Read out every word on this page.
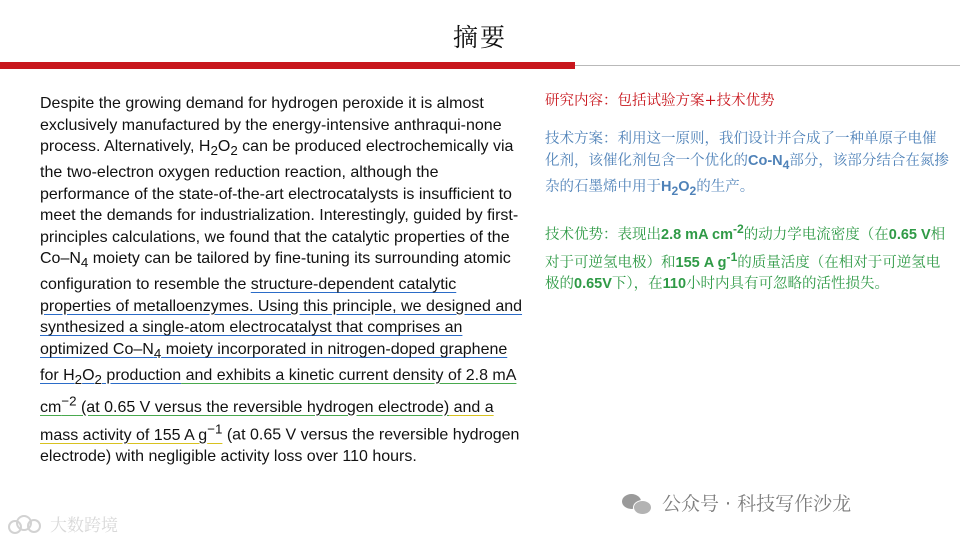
摘要
Despite the growing demand for hydrogen peroxide it is almost exclusively manufactured by the energy-intensive anthraqui-none process. Alternatively, $H_2O_2$ can be produced electrochemically via the two-electron oxygen reduction reaction, although the performance of the state-of-the-art electrocatalysts is insufficient to meet the demands for industrialization. Interestingly, guided by first-principles calculations, we found that the catalytic properties of the $Co-N_4$ moiety can be tailored by fine-tuning its surrounding atomic configuration to resemble the structure-dependent catalytic properties of metalloenzymes. Using this principle, we designed and synthesized a single-atom electrocatalyst that comprises an optimized $Co-N_4$ moiety incorporated in nitrogen-doped graphene for $H_2O_2$ production and exhibits a kinetic current density of 2.8 mA $cm^{-2}$ (at 0.65 V versus the reversible hydrogen electrode) and a mass activity of 155 A $g^{-1}$ (at 0.65 V versus the reversible hydrogen electrode) with negligible activity loss over 110 hours.

研究内容：包括试验方案+技术优势

技术方案：利用这一原则，我们设计并合成了一种单原子电催化剂，该催化剂包含一个优化的$Co-N_4$部分，该部分结合在氮掺杂的石墨烯中用于$H_2O_2$的生产。

技术优势：表现出2.8 mA $cm^{-2}$的动力学电流密度（在0.65 V相对于可逆氢电极）和155 A $g^{-1}$的质量活度（在相对于可逆氢电极的0.65V下），在110小时内具有可忽略的活性损失。

公众号 · 科技写作沙龙
大数跨境
